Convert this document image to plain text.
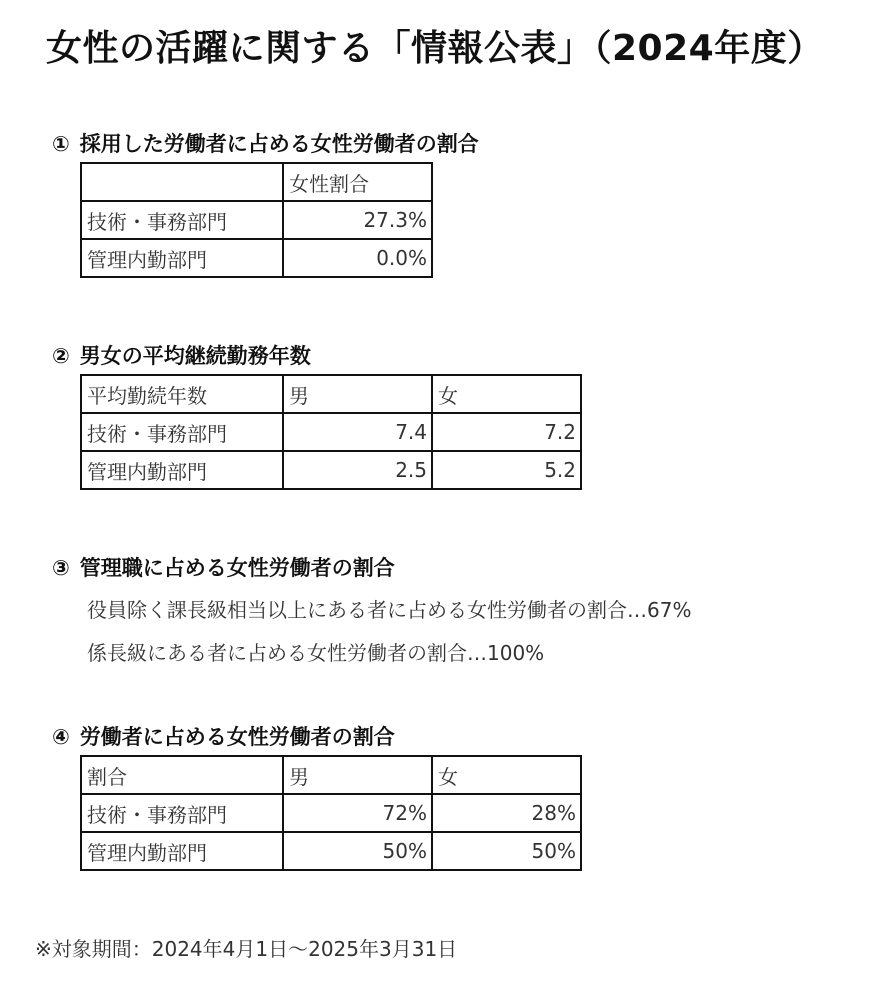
女性の活躍に関する「情報公表」（2024年度）
① 採用した労働者に占める女性労働者の割合
	女性割合
技術・事務部門	27.3%
管理内勤部門	0.0%
② 男女の平均継続勤務年数
平均勤続年数	男	女
技術・事務部門	7.4	7.2
管理内勤部門	2.5	5.2
③ 管理職に占める女性労働者の割合
役員除く課長級相当以上にある者に占める女性労働者の割合…67%
係長級にある者に占める女性労働者の割合…100%
④ 労働者に占める女性労働者の割合
割合	男	女
技術・事務部門	72%	28%
管理内勤部門	50%	50%
※対象期間：2024年4月1日～2025年3月31日
